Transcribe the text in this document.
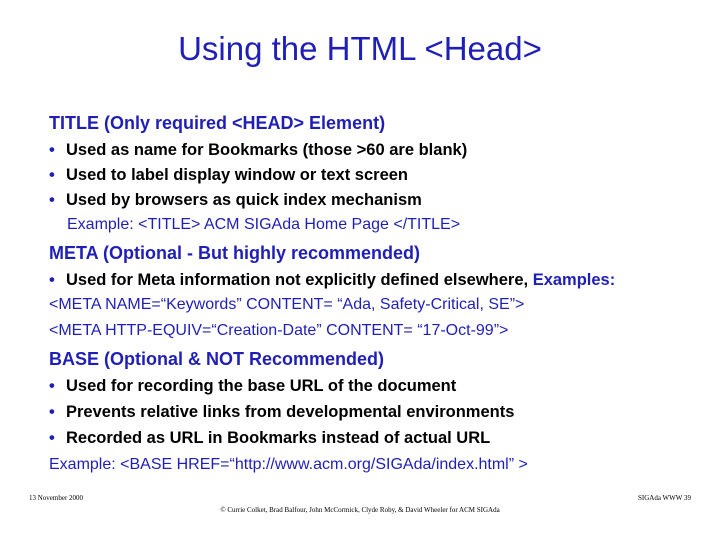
Using the HTML <Head>
TITLE (Only required <HEAD> Element)
• Used as name for Bookmarks (those >60 are blank)
• Used to label display window or text screen
• Used by browsers as quick index mechanism
Example: <TITLE> ACM SIGAda Home Page </TITLE>
META (Optional - But highly recommended)
• Used for Meta information not explicitly defined elsewhere, Examples:
<META NAME=“Keywords” CONTENT= “Ada, Safety-Critical, SE”>
<META HTTP-EQUIV=“Creation-Date” CONTENT= “17-Oct-99”>
BASE (Optional & NOT Recommended)
• Used for recording the base URL of the document
• Prevents relative links from developmental environments
• Recorded as URL in Bookmarks instead of actual URL
Example: <BASE HREF=“http://www.acm.org/SIGAda/index.html” >
13 November 2000
© Currie Colket, Brad Balfour, John McCormick, Clyde Roby, & David Wheeler for ACM SIGAda
SIGAda WWW 39
